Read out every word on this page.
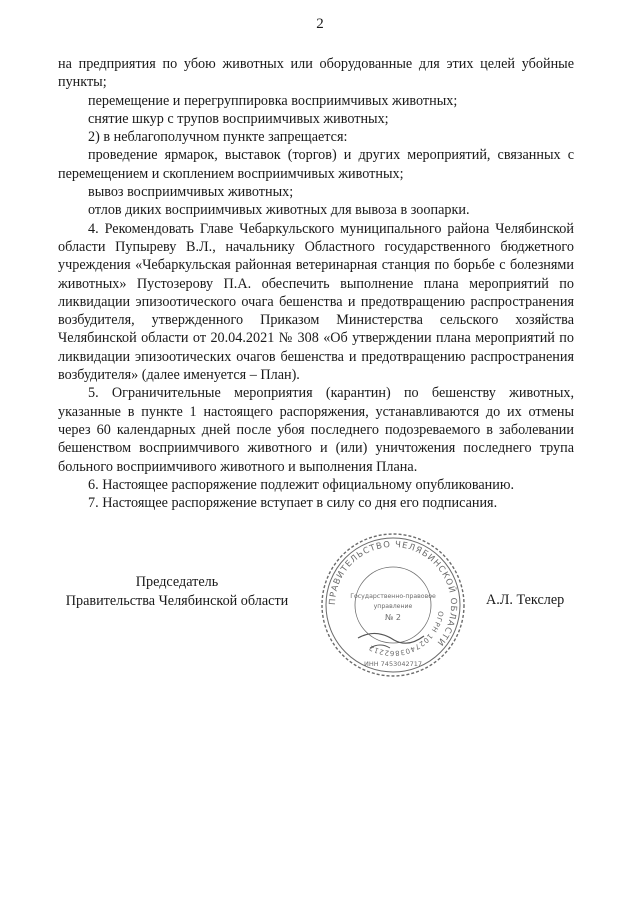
2

на предприятия по убою животных или оборудованные для этих целей убойные пункты;

перемещение и перегруппировка восприимчивых животных;

снятие шкур с трупов восприимчивых животных;

2) в неблагополучном пункте запрещается:

проведение ярмарок, выставок (торгов) и других мероприятий, связанных с перемещением и скоплением восприимчивых животных;

вывоз восприимчивых животных;

отлов диких восприимчивых животных для вывоза в зоопарки.

4. Рекомендовать Главе Чебаркульского муниципального района Челябинской области Пупыреву В.Л., начальнику Областного государственного бюджетного учреждения «Чебаркульская районная ветеринарная станция по борьбе с болезнями животных» Пустозерову П.А. обеспечить выполнение плана мероприятий по ликвидации эпизоотического очага бешенства и предотвращению распространения возбудителя, утвержденного Приказом Министерства сельского хозяйства Челябинской области от 20.04.2021 № 308 «Об утверждении плана мероприятий по ликвидации эпизоотических очагов бешенства и предотвращению распространения возбудителя» (далее именуется – План).

5. Ограничительные мероприятия (карантин) по бешенству животных, указанные в пункте 1 настоящего распоряжения, устанавливаются до их отмены через 60 календарных дней после убоя последнего подозреваемого в заболевании бешенством восприимчивого животного и (или) уничтожения последнего трупа больного восприимчивого животного и выполнения Плана.

6. Настоящее распоряжение подлежит официальному опубликованию.

7. Настоящее распоряжение вступает в силу со дня его подписания.

ПРАВИТЕЛЬСТВО ЧЕЛЯБИНСКОЙ ОБЛАСТИ
ОГРН 1027403862212
Государственно-правовое
управление
№ 2
ИНН 7453042717
Председатель
Правительства Челябинской области	А.Л. Текслер
